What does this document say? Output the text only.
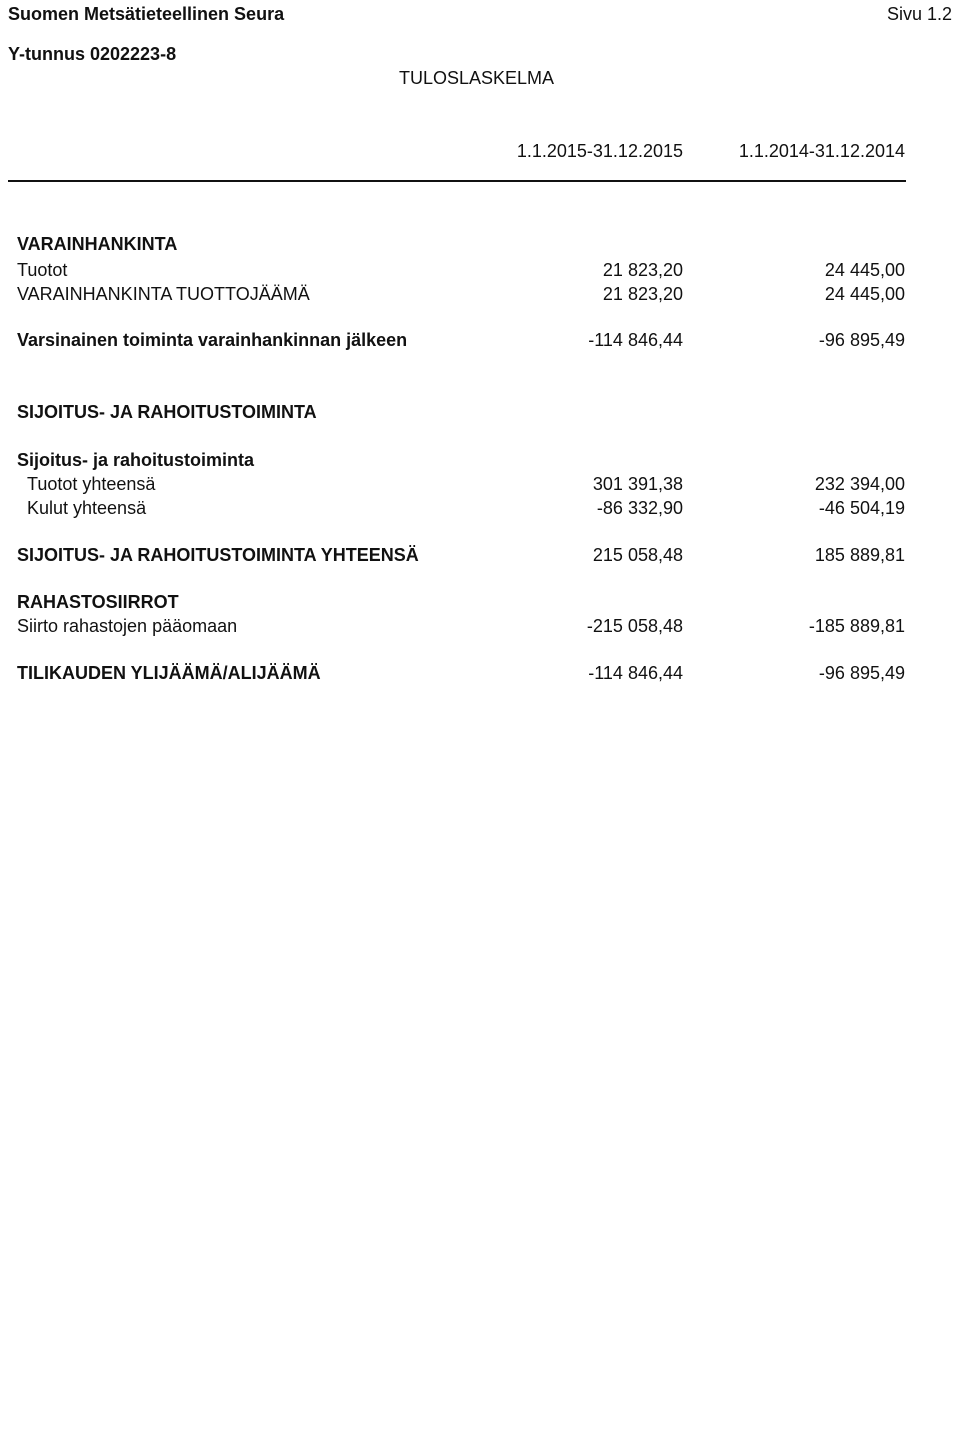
Suomen Metsätieteellinen Seura	Sivu 1.2
Y-tunnus 0202223-8
TULOSLASKELMA
1.1.2015-31.12.2015	1.1.2014-31.12.2014
VARAINHANKINTA
Tuotot	21 823,20	24 445,00
VARAINHANKINTA TUOTTOJÄÄMÄ	21 823,20	24 445,00
Varsinainen toiminta varainhankinnan jälkeen	-114 846,44	-96 895,49
SIJOITUS- JA RAHOITUSTOIMINTA
Sijoitus- ja rahoitustoiminta
Tuotot yhteensä	301 391,38	232 394,00
Kulut yhteensä	-86 332,90	-46 504,19
SIJOITUS- JA RAHOITUSTOIMINTA YHTEENSÄ	215 058,48	185 889,81
RAHASTOSIIRROT
Siirto rahastojen pääomaan	-215 058,48	-185 889,81
TILIKAUDEN YLIJÄÄMÄ/ALIJÄÄMÄ	-114 846,44	-96 895,49
